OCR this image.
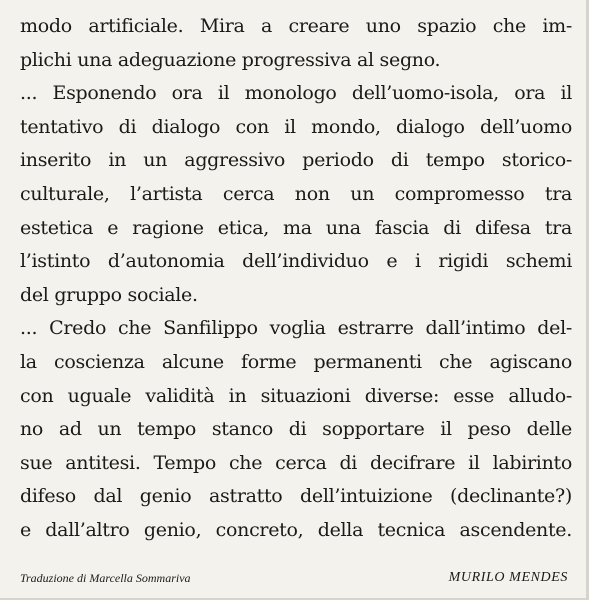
modo artificiale. Mira a creare uno spazio che im-
plichi una adeguazione progressiva al segno.
... Esponendo ora il monologo dell’uomo-isola, ora il
tentativo di dialogo con il mondo, dialogo dell’uomo
inserito in un aggressivo periodo di tempo storico-
culturale, l’artista cerca non un compromesso tra
estetica e ragione etica, ma una fascia di difesa tra
l’istinto d’autonomia dell’individuo e i rigidi schemi
del gruppo sociale.
... Credo che Sanfilippo voglia estrarre dall’intimo del-
la coscienza alcune forme permanenti che agiscano
con uguale validità in situazioni diverse: esse alludo-
no ad un tempo stanco di sopportare il peso delle
sue antitesi. Tempo che cerca di decifrare il labirinto
difeso dal genio astratto dell’intuizione (declinante?)
e dall’altro genio, concreto, della tecnica ascendente.
Traduzione di Marcella Sommariva	MURILO MENDES
